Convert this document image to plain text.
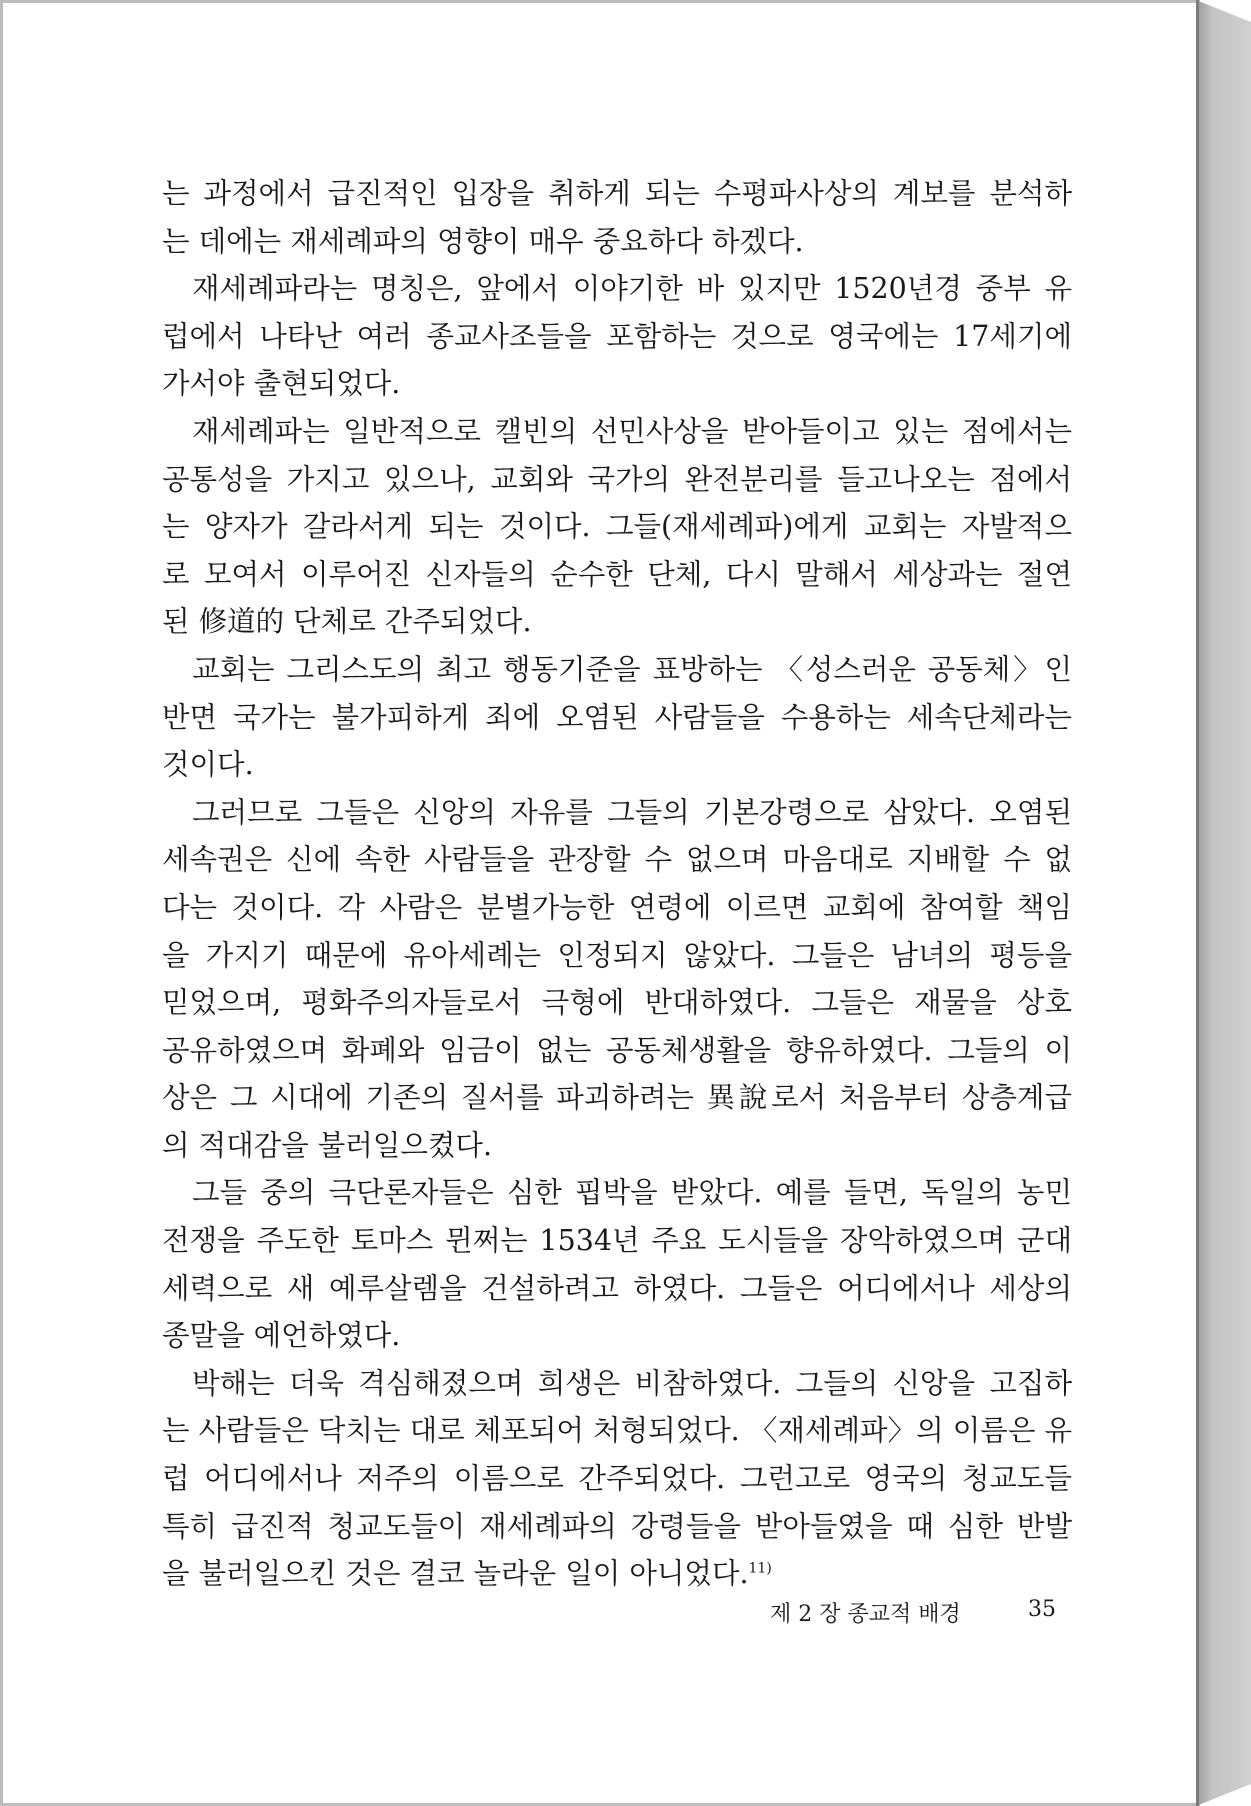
는 과정에서 급진적인 입장을 취하게 되는 수평파사상의 계보를 분석하
는 데에는 재세례파의 영향이 매우 중요하다 하겠다.
재세례파라는 명칭은, 앞에서 이야기한 바 있지만 1520년경 중부 유
럽에서 나타난 여러 종교사조들을 포함하는 것으로 영국에는 17세기에
가서야 출현되었다.
재세례파는 일반적으로 캘빈의 선민사상을 받아들이고 있는 점에서는
공통성을 가지고 있으나, 교회와 국가의 완전분리를 들고나오는 점에서
는 양자가 갈라서게 되는 것이다. 그들(재세례파)에게 교회는 자발적으
로 모여서 이루어진 신자들의 순수한 단체, 다시 말해서 세상과는 절연
된 修道的 단체로 간주되었다.
교회는 그리스도의 최고 행동기준을 표방하는 〈성스러운 공동체〉인
반면 국가는 불가피하게 죄에 오염된 사람들을 수용하는 세속단체라는
것이다.
그러므로 그들은 신앙의 자유를 그들의 기본강령으로 삼았다. 오염된
세속권은 신에 속한 사람들을 관장할 수 없으며 마음대로 지배할 수 없
다는 것이다. 각 사람은 분별가능한 연령에 이르면 교회에 참여할 책임
을 가지기 때문에 유아세례는 인정되지 않았다. 그들은 남녀의 평등을
믿었으며, 평화주의자들로서 극형에 반대하였다. 그들은 재물을 상호
공유하였으며 화폐와 임금이 없는 공동체생활을 향유하였다. 그들의 이
상은 그 시대에 기존의 질서를 파괴하려는 異說로서 처음부터 상층계급
의 적대감을 불러일으켰다.
그들 중의 극단론자들은 심한 핍박을 받았다. 예를 들면, 독일의 농민
전쟁을 주도한 토마스 뮌쩌는 1534년 주요 도시들을 장악하였으며 군대
세력으로 새 예루살렘을 건설하려고 하였다. 그들은 어디에서나 세상의
종말을 예언하였다.
박해는 더욱 격심해졌으며 희생은 비참하였다. 그들의 신앙을 고집하
는 사람들은 닥치는 대로 체포되어 처형되었다. 〈재세례파〉의 이름은 유
럽 어디에서나 저주의 이름으로 간주되었다. 그런고로 영국의 청교도들
특히 급진적 청교도들이 재세례파의 강령들을 받아들였을 때 심한 반발
을 불러일으킨 것은 결코 놀라운 일이 아니었다.$^{11)}$
제 2 장 종교적 배경	35
